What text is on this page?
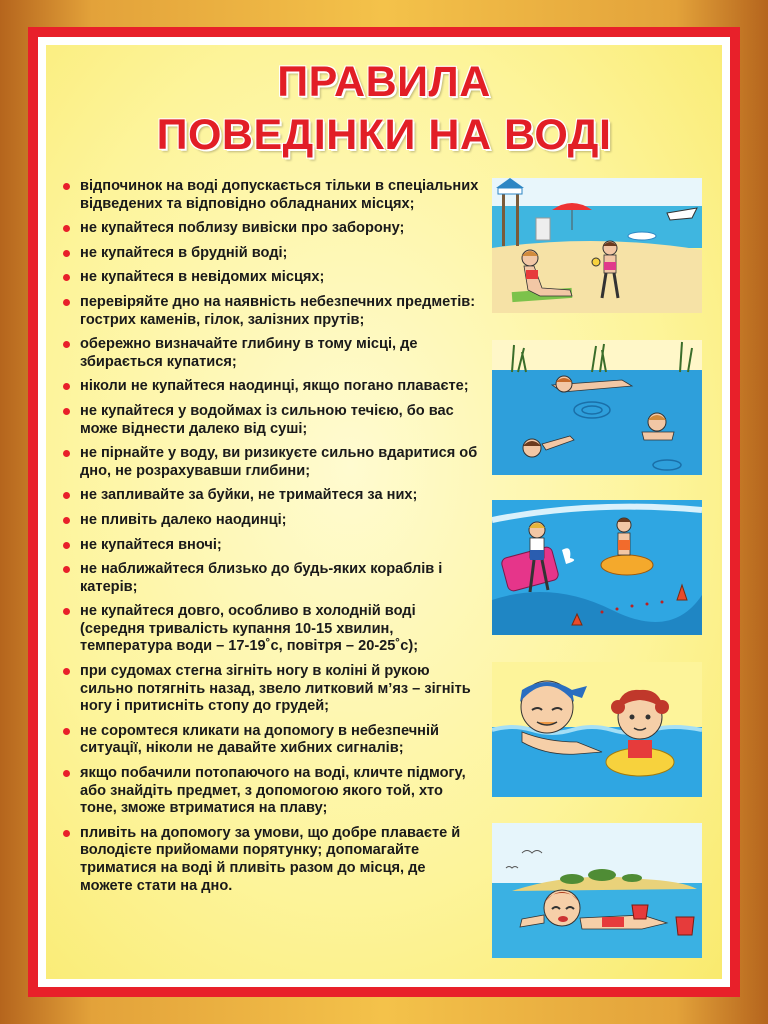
ПРАВИЛА
ПОВЕДІНКИ НА ВОДІ
відпочинок на воді допускається тільки в спеціальних відведених та відповідно обладнаних місцях;
не купайтеся поблизу вивіски про заборону;
не купайтеся в брудній воді;
не купайтеся в невідомих місцях;
перевіряйте дно на наявність небезпечних предметів: гострих каменів, гілок, залізних прутів;
обережно визначайте глибину в тому місці, де збирається купатися;
ніколи не купайтеся наодинці, якщо погано плаваєте;
не купайтеся у водоймах із сильною течією, бо вас може віднести далеко від суші;
не пірнайте у воду, ви ризикуєте сильно вдаритися об дно, не розрахувавши глибини;
не запливайте за буйки, не тримайтеся за них;
не пливіть далеко наодинці;
не купайтеся вночі;
не наближайтеся близько до будь-яких кораблів і катерів;
не купайтеся довго, особливо в холодній воді (середня тривалість купання 10-15 хвилин, температура води – 17-19˚с, повітря – 20-25˚с);
при судомах стегна зігніть ногу в коліні й рукою сильно потягніть назад, звело литковий м’яз – зігніть ногу і притисніть стопу до грудей;
не соромтеся кликати на допомогу в небезпечній ситуації, ніколи не давайте хибних сигналів;
якщо побачили потопаючого на воді, кличте підмогу, або знайдіть предмет, з допомогою якого той, хто тоне, зможе втриматися на плаву;
пливіть на допомогу за умови, що добре плаваєте й володієте прийомами порятунку; допомагайте триматися на воді й пливіть разом до місця, де можете стати на дно.
